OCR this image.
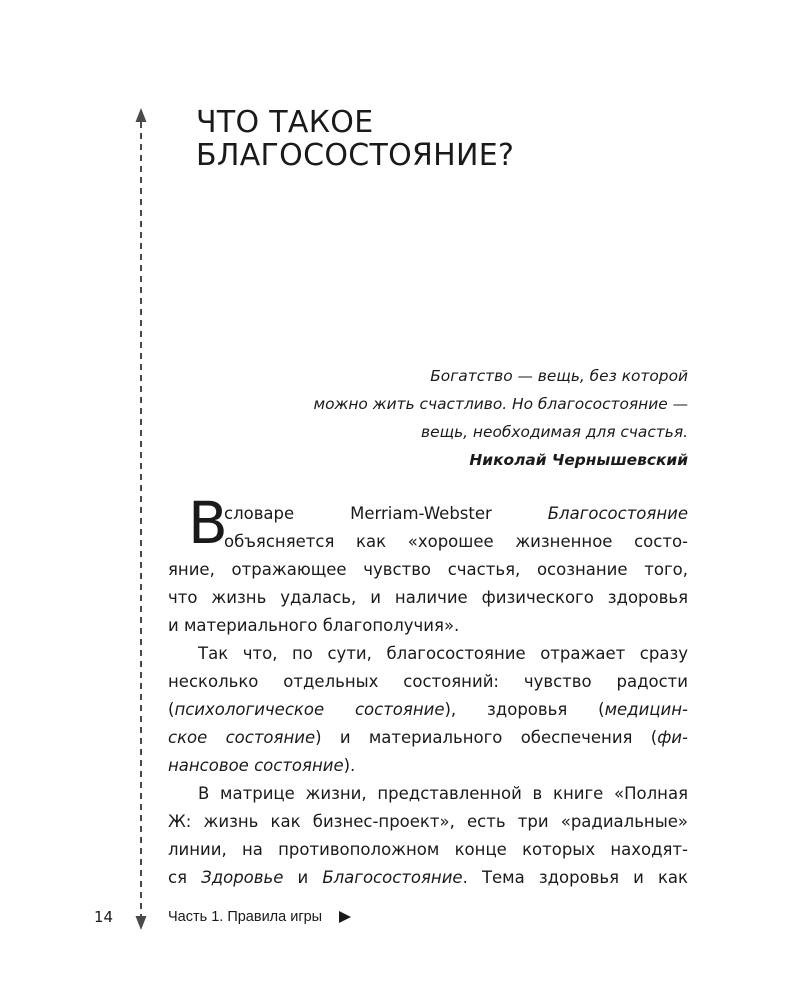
ЧТО ТАКОЕ
БЛАГОСОСТОЯНИЕ?
Богатство — вещь, без которой
можно жить счастливо. Но благосостояние —
вещь, необходимая для счастья.
Николай Чернышевский
В
словаре Merriam-Webster Благосостояние
объясняется как «хорошее жизненное состо-
яние, отражающее чувство счастья, осознание того,
что жизнь удалась, и наличие физического здоровья
и материального благополучия».
Так что, по сути, благосостояние отражает сразу
несколько отдельных состояний: чувство радости
(психологическое состояние), здоровья (медицин-
ское состояние) и материального обеспечения (фи-
нансовое состояние).
В матрице жизни, представленной в книге «Полная
Ж: жизнь как бизнес-проект», есть три «радиальные»
линии, на противоположном конце которых находят-
ся Здоровье и Благосостояние. Тема здоровья и как
14	Часть 1. Правила игры
